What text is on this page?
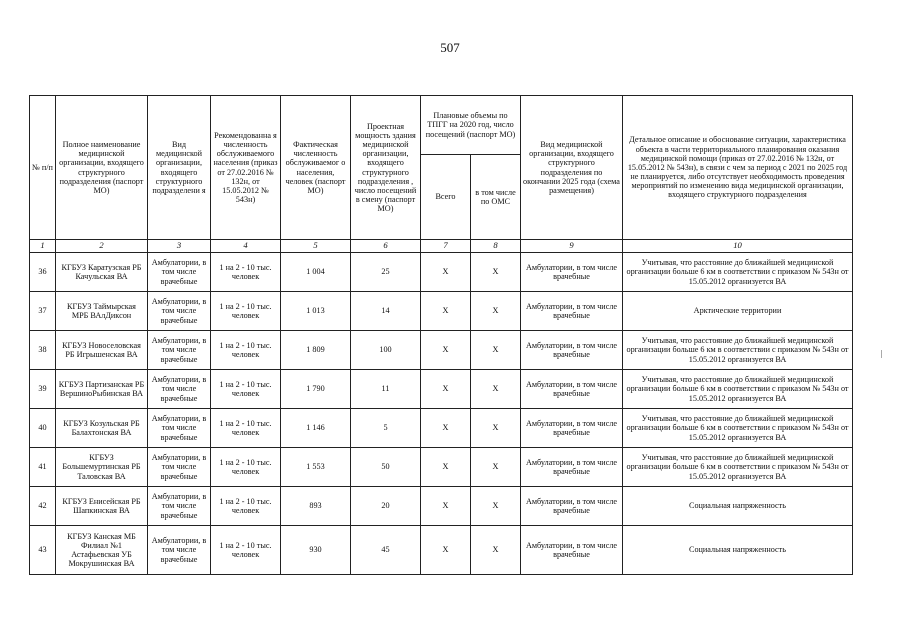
507
№ п/п	Полное наименование медицинской организации, входящего структурного подразделения (паспорт МО)	Вид медицинской организации, входящего структурного подразделени я	Рекомендованна я численность обслуживаемого населения (приказ от 27.02.2016 № 132н, от 15.05.2012 № 543н)	Фактическая численность обслуживаемог о населения, человек (паспорт МО)	Проектная мощность здания медицинской организации, входящего структурного подразделения , число посещений в смену (паспорт МО)	Плановые объемы по ТПГГ на 2020 год, число посещений (паспорт МО)		Вид медицинской организации, входящего структурного подразделения по окончании 2025 года (схема размещения)	Детальное описание и обоснование ситуации, характеристика объекта в части территориального планирования оказания медицинской помощи (приказ от 27.02.2016 № 132н, от 15.05.2012 № 543н), в связи с чем за период с 2021 по 2025 год не планируется, либо отсутствует необходимость проведения мероприятий по изменению вида медицинской организации, входящего структурного подразделения
						Всего	в том числе по ОМС		
1	2	3	4	5	6	7	8	9	10
36	КГБУЗ Каратузская РБ Качульская ВА	Амбулатории, в том числе врачебные	1 на 2 - 10 тыс. человек	1 004	25	Х	Х	Амбулатории, в том числе врачебные	Учитывая, что расстояние до ближайшей медицинской организации больше 6 км в соответствии с приказом № 543н от 15.05.2012 организуется ВА
37	КГБУЗ Таймырская МРБ ВАлДиксон	Амбулатории, в том числе врачебные	1 на 2 - 10 тыс. человек	1 013	14	Х	Х	Амбулатории, в том числе врачебные	Арктические территории
38	КГБУЗ Новоселовская РБ Игрышенская ВА	Амбулатории, в том числе врачебные	1 на 2 - 10 тыс. человек	1 809	100	Х	Х	Амбулатории, в том числе врачебные	Учитывая, что расстояние до ближайшей медицинской организации больше 6 км в соответствии с приказом № 543н от 15.05.2012 организуется ВА
39	КГБУЗ Партизанская РБ ВершиноРыбинская ВА	Амбулатории, в том числе врачебные	1 на 2 - 10 тыс. человек	1 790	11	Х	Х	Амбулатории, в том числе врачебные	Учитывая, что расстояние до ближайшей медицинской организации больше 6 км в соответствии с приказом № 543н от 15.05.2012 организуется ВА
40	КГБУЗ Козульская РБ Балахтонская ВА	Амбулатории, в том числе врачебные	1 на 2 - 10 тыс. человек	1 146	5	Х	Х	Амбулатории, в том числе врачебные	Учитывая, что расстояние до ближайшей медицинской организации больше 6 км в соответствии с приказом № 543н от 15.05.2012 организуется ВА
41	КГБУЗ Большемуртинская РБ Таловская ВА	Амбулатории, в том числе врачебные	1 на 2 - 10 тыс. человек	1 553	50	Х	Х	Амбулатории, в том числе врачебные	Учитывая, что расстояние до ближайшей медицинской организации больше 6 км в соответствии с приказом № 543н от 15.05.2012 организуется ВА
42	КГБУЗ Енисейская РБ Шапкинская ВА	Амбулатории, в том числе врачебные	1 на 2 - 10 тыс. человек	893	20	Х	Х	Амбулатории, в том числе врачебные	Социальная напряженность
43	КГБУЗ Канская МБ Филиал №1 Астафьевская УБ Мокрушинская ВА	Амбулатории, в том числе врачебные	1 на 2 - 10 тыс. человек	930	45	Х	Х	Амбулатории, в том числе врачебные	Социальная напряженность
